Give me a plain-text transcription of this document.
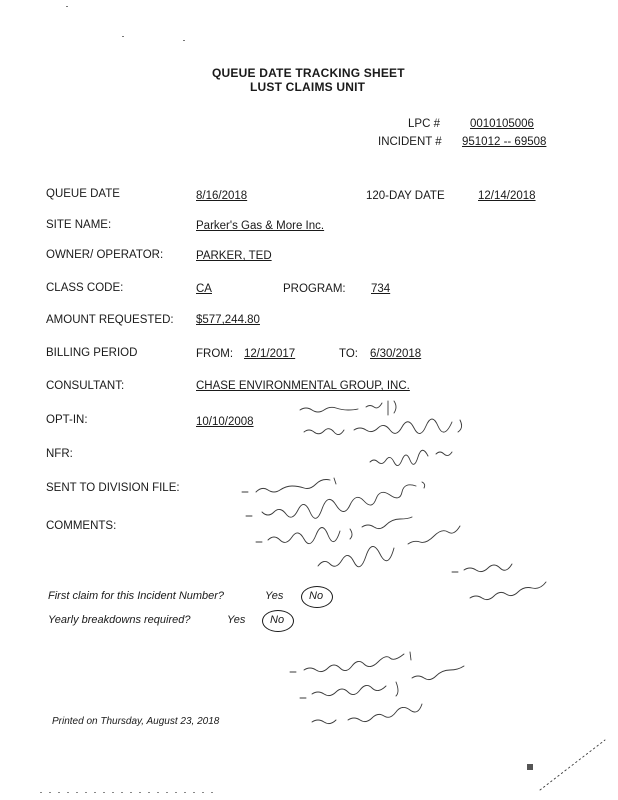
QUEUE DATE TRACKING SHEET
LUST CLAIMS UNIT
LPC #	0010105006
INCIDENT # 951012 -- 69508
QUEUE DATE	8/16/2018	120-DAY DATE	12/14/2018
SITE NAME:	Parker's Gas & More Inc.
OWNER/ OPERATOR:	PARKER, TED
CLASS CODE:	CA	PROGRAM: 734
AMOUNT REQUESTED: $577,244.80
BILLING PERIOD	FROM: 12/1/2017	TO: 6/30/2018
CONSULTANT:	CHASE ENVIRONMENTAL GROUP, INC.
OPT-IN:	10/10/2008
NFR:
SENT TO DIVISION FILE:
COMMENTS:
First claim for this Incident Number?	Yes No
Yearly breakdowns required?	Yes No
Printed on Thursday, August 23, 2018
